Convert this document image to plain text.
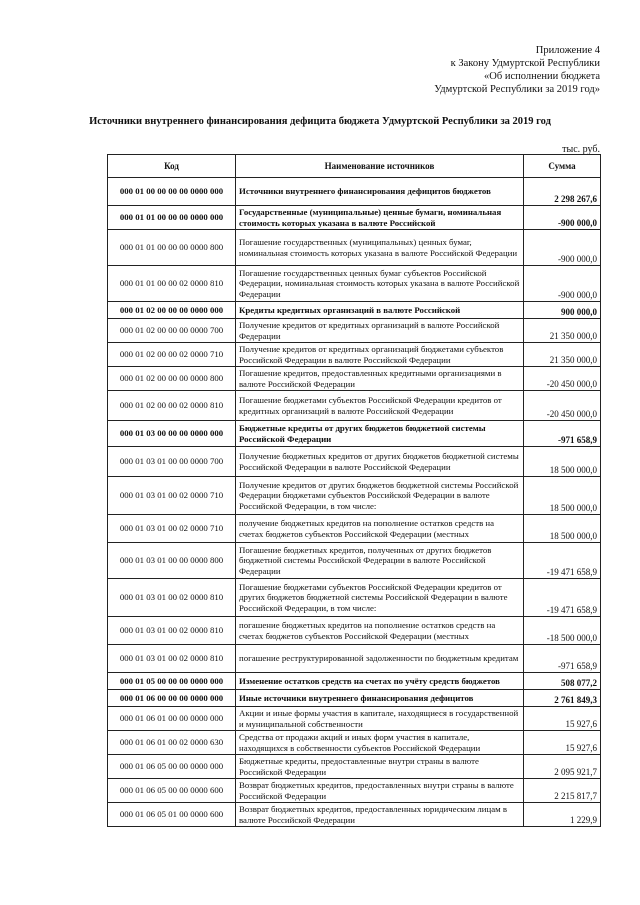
Приложение 4
к Закону Удмуртской Республики
«Об исполнении бюджета
Удмуртской Республики за 2019 год»
Источники внутреннего финансирования дефицита бюджета Удмуртской Республики за 2019 год
тыс. руб.
Код	Наименование источников	Сумма
000 01 00 00 00 00 0000 000	Источники внутреннего финансирования дефицитов бюджетов	2 298 267,6
000 01 01 00 00 00 0000 000	Государственные (муниципальные) ценные бумаги, номинальная стоимость которых указана в валюте Российской	-900 000,0
000 01 01 00 00 00 0000 800	Погашение государственных (муниципальных) ценных бумаг, номинальная стоимость которых указана в валюте Российской Федерации	-900 000,0
000 01 01 00 00 02 0000 810	Погашение государственных ценных бумаг субъектов Российской Федерации, номинальная стоимость которых указана в валюте Российской Федерации	-900 000,0
000 01 02 00 00 00 0000 000	Кредиты кредитных организаций в валюте Российской	900 000,0
000 01 02 00 00 00 0000 700	Получение кредитов от кредитных организаций в валюте Российской Федерации	21 350 000,0
000 01 02 00 00 02 0000 710	Получение кредитов от кредитных организаций бюджетами субъектов Российской Федерации в валюте Российской Федерации	21 350 000,0
000 01 02 00 00 00 0000 800	Погашение кредитов, предоставленных кредитными организациями в валюте Российской Федерации	-20 450 000,0
000 01 02 00 00 02 0000 810	Погашение бюджетами субъектов Российской Федерации кредитов от кредитных организаций в валюте Российской Федерации	-20 450 000,0
000 01 03 00 00 00 0000 000	Бюджетные кредиты от других бюджетов бюджетной системы Российской Федерации	-971 658,9
000 01 03 01 00 00 0000 700	Получение бюджетных кредитов от других бюджетов бюджетной системы Российской Федерации в валюте Российской Федерации	18 500 000,0
000 01 03 01 00 02 0000 710	Получение кредитов от других бюджетов бюджетной системы Российской Федерации бюджетами субъектов Российской Федерации в валюте Российской Федерации, в том числе:	18 500 000,0
000 01 03 01 00 02 0000 710	получение бюджетных кредитов на пополнение остатков средств на счетах бюджетов субъектов Российской Федерации (местных	18 500 000,0
000 01 03 01 00 00 0000 800	Погашение бюджетных кредитов, полученных от других бюджетов бюджетной системы Российской Федерации в валюте Российской Федерации	-19 471 658,9
000 01 03 01 00 02 0000 810	Погашение бюджетами субъектов Российской Федерации кредитов от других бюджетов бюджетной системы Российской Федерации в валюте Российской Федерации, в том числе:	-19 471 658,9
000 01 03 01 00 02 0000 810	погашение бюджетных кредитов на пополнение остатков средств на счетах бюджетов субъектов Российской Федерации (местных	-18 500 000,0
000 01 03 01 00 02 0000 810	погашение реструктурированной задолженности по бюджетным кредитам	-971 658,9
000 01 05 00 00 00 0000 000	Изменение остатков средств на счетах по учёту средств бюджетов	508 077,2
000 01 06 00 00 00 0000 000	Иные источники внутреннего финансирования дефицитов	2 761 849,3
000 01 06 01 00 00 0000 000	Акции и иные формы участия в капитале, находящиеся в государственной и муниципальной собственности	15 927,6
000 01 06 01 00 02 0000 630	Средства от продажи акций и иных форм участия в капитале, находящихся в собственности субъектов Российской Федерации	15 927,6
000 01 06 05 00 00 0000 000	Бюджетные кредиты, предоставленные внутри страны в валюте Российской Федерации	2 095 921,7
000 01 06 05 00 00 0000 600	Возврат бюджетных кредитов, предоставленных внутри страны в валюте Российской Федерации	2 215 817,7
000 01 06 05 01 00 0000 600	Возврат бюджетных кредитов, предоставленных юридическим лицам в валюте Российской Федерации	1 229,9
